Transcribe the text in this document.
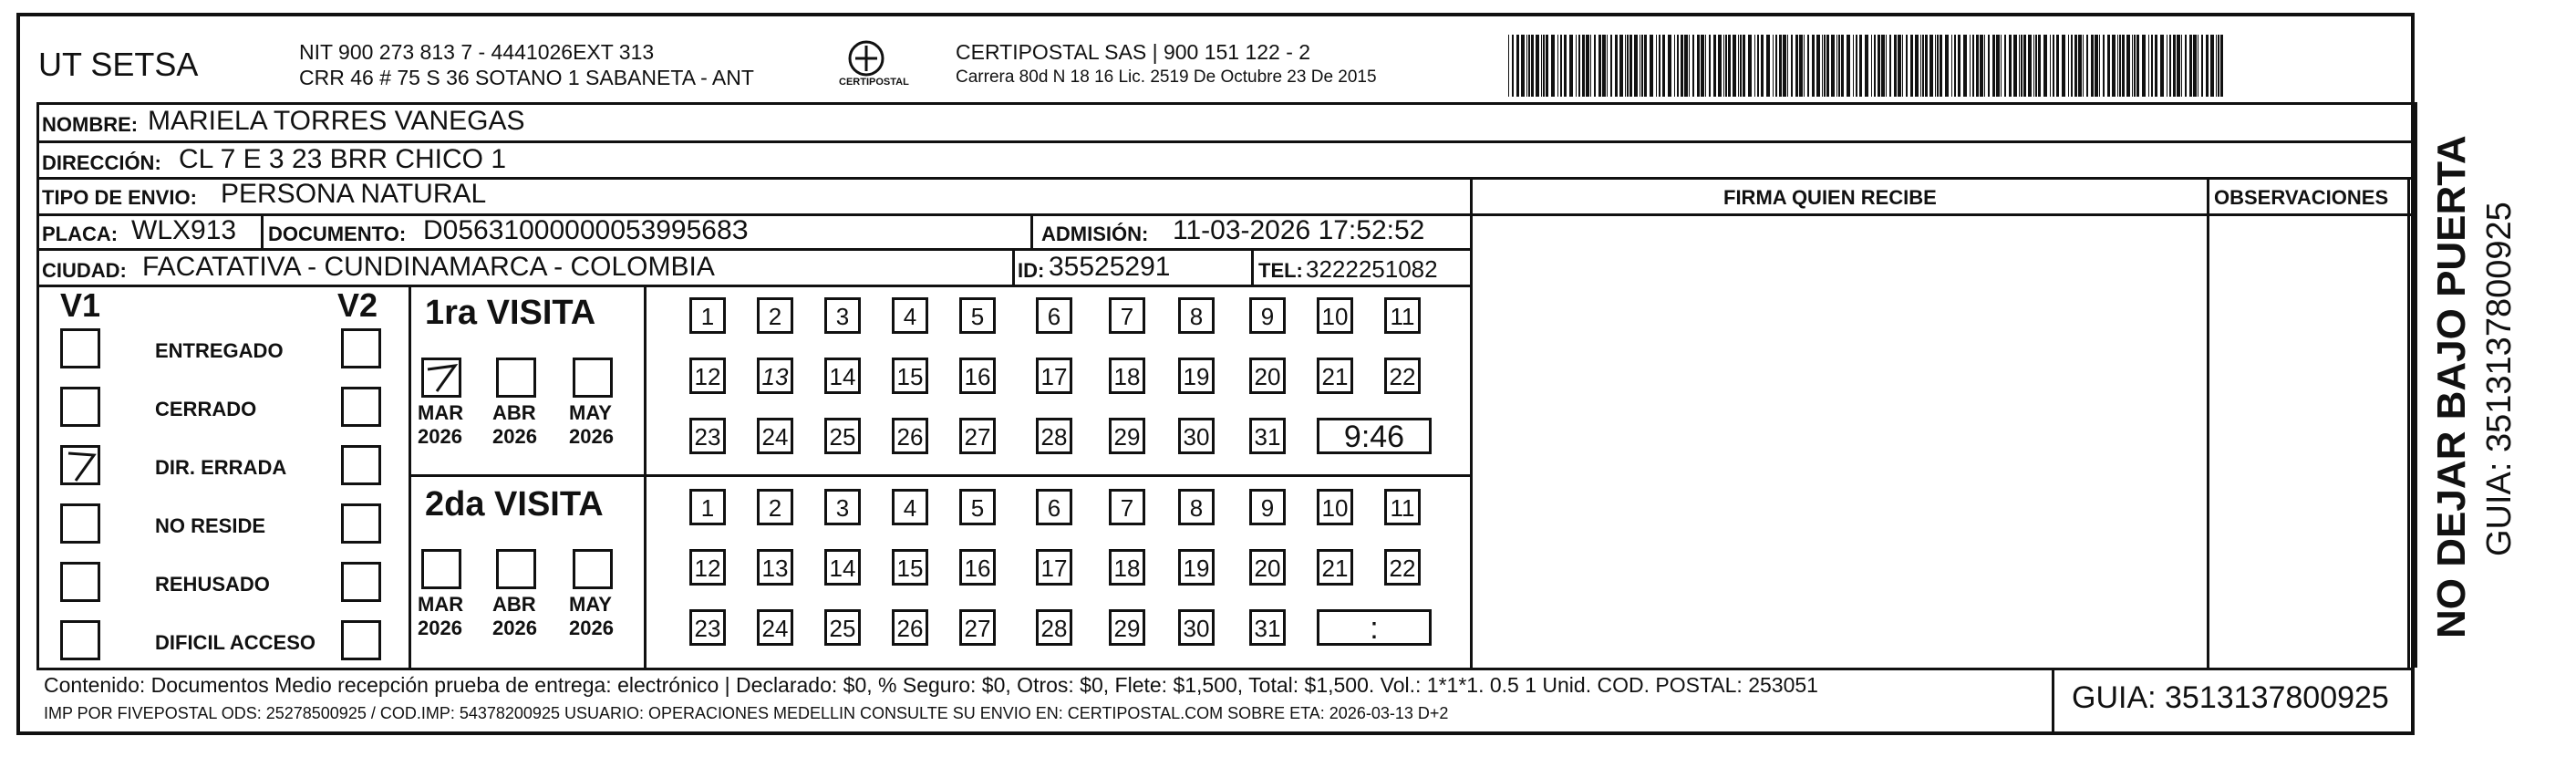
UT SETSA	NIT 900 273 813 7 - 4441026EXT 313
CRR 46 # 75 S 36 SOTANO 1 SABANETA - ANT	CERTIPOSTAL
CERTIPOSTAL SAS | 900 151 122 - 2
Carrera 80d N 18 16 Lic. 2519 De Octubre 23 De 2015
NOMBRE: MARIELA TORRES VANEGAS
DIRECCIÓN: CL 7 E 3 23 BRR CHICO 1
TIPO DE ENVIO: PERSONA NATURAL	FIRMA QUIEN RECIBE	OBSERVACIONES
PLACA: WLX913 DOCUMENTO: D0563100000005399568З	ADMISIÓN: 11-03-2026 17:52:52
CIUDAD: FACATATIVA - CUNDINAMARCA - COLOMBIA	ID: 35525291	TEL: 3222251082
V1	V2
ENTREGADO
CERRADO
DIR. ERRADA
NO RESIDE
REHUSADO
DIFICIL ACCESO
1ra VISITA
2da VISITA
MAR
2026
ABR
2026
MAY
2026
MAR
2026
ABR
2026
MAY
2026
1	2	3	4	5	6	7	8	9	10 11
12 13 14 15 16 17 18 19 20 21 22
23 24 25 26 27 28 29 30 31	9:46
1	2	3	4	5	6	7	8	9	10 11
12 13 14 15 16 17 18 19 20 21 22
23 24 25 26 27 28 29 30 31	:
Contenido: Documentos Medio recepción prueba de entrega: electrónico | Declarado: $0, % Seguro: $0, Otros: $0, Flete: $1,500, Total: $1,500. Vol.: 1*1*1. 0.5 1 Unid. COD. POSTAL: 253051
IMP POR FIVEPOSTAL ODS: 25278500925 / COD.IMP: 54378200925 USUARIO: OPERACIONES MEDELLIN CONSULTE SU ENVIO EN: CERTIPOSTAL.COM SOBRE ETA: 2026-03-13 D+2	GUIA: 3513137800925
NO DEJAR BAJO PUERTA GUIA: 3513137800925
